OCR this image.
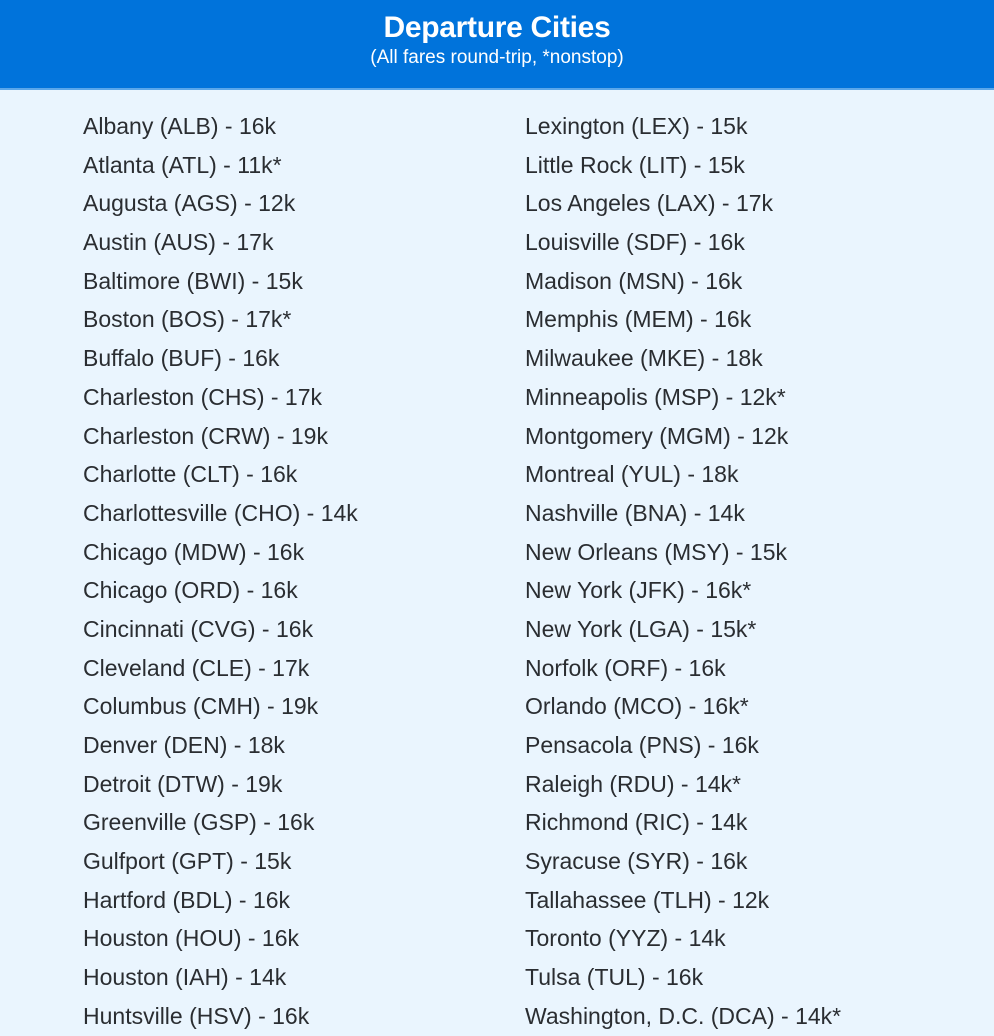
Departure Cities
(All fares round-trip, *nonstop)
Albany (ALB) - 16k
Atlanta (ATL) - 11k*
Augusta (AGS) - 12k
Austin (AUS) - 17k
Baltimore (BWI) - 15k
Boston (BOS) - 17k*
Buffalo (BUF) - 16k
Charleston (CHS) - 17k
Charleston (CRW) - 19k
Charlotte (CLT) - 16k
Charlottesville (CHO) - 14k
Chicago (MDW) - 16k
Chicago (ORD) - 16k
Cincinnati (CVG) - 16k
Cleveland (CLE) - 17k
Columbus (CMH) - 19k
Denver (DEN) - 18k
Detroit (DTW) - 19k
Greenville (GSP) - 16k
Gulfport (GPT) - 15k
Hartford (BDL) - 16k
Houston (HOU) - 16k
Houston (IAH) - 14k
Huntsville (HSV) - 16k
Lexington (LEX) - 15k
Little Rock (LIT) - 15k
Los Angeles (LAX) - 17k
Louisville (SDF) - 16k
Madison (MSN) - 16k
Memphis (MEM) - 16k
Milwaukee (MKE) - 18k
Minneapolis (MSP) - 12k*
Montgomery (MGM) - 12k
Montreal (YUL) - 18k
Nashville (BNA) - 14k
New Orleans (MSY) - 15k
New York (JFK) - 16k*
New York (LGA) - 15k*
Norfolk (ORF) - 16k
Orlando (MCO) - 16k*
Pensacola (PNS) - 16k
Raleigh (RDU) - 14k*
Richmond (RIC) - 14k
Syracuse (SYR) - 16k
Tallahassee (TLH) - 12k
Toronto (YYZ) - 14k
Tulsa (TUL) - 16k
Washington, D.C. (DCA) - 14k*
